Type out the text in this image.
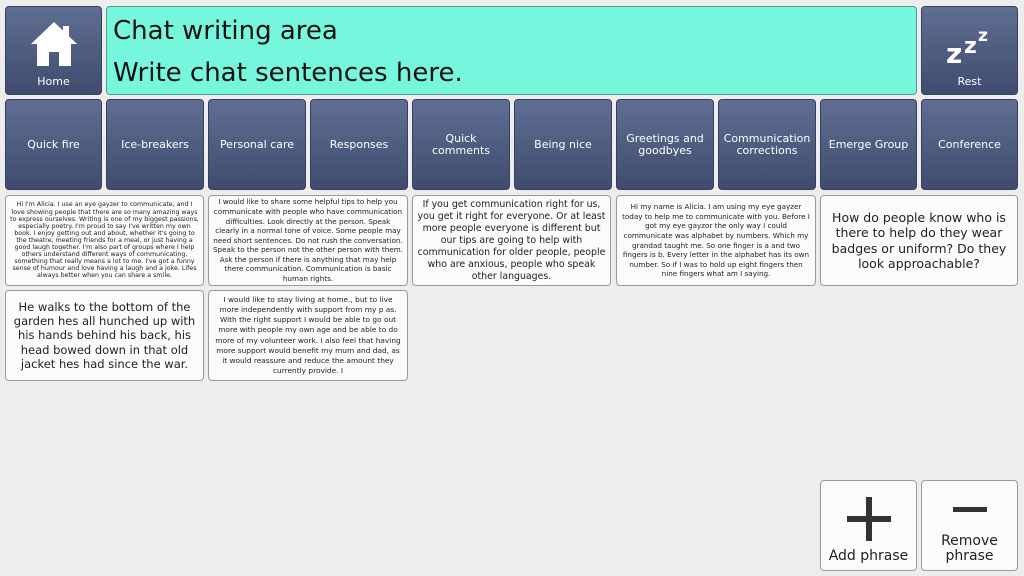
Home
Chat writing area
Write chat sentences here.
z z z
Rest
Quick fire	Ice-breakers	Personal care	Responses	Quick comments	Being nice	Greetings and goodbyes
Communication corrections	Emerge Group	Conference
Hi I'm Alicia. I use an eye gayzer to communicate, and I love showing people that there are so many amazing ways to express ourselves. Writing is one of my biggest passions, especially poetry. I'm proud to say I've written my own book. I enjoy getting out and about, whether it's going to the theatre, meeting friends for a meal, or just having a good laugh together. I'm also part of groups where I help others understand different ways of communicating, something that really means a lot to me. I've got a funny sense of humour and love having a laugh and a joke. Lifes always better when you can share a smile.
I would like to share some helpful tips to help you communicate with people who have communication difficulties. Look directly at the person. Speak clearly in a normal tone of voice. Some people may need short sentences. Do not rush the conversation. Speak to the person not the other person with them. Ask the person if there is anything that may help there communication. Communication is basic human rights.
If you get communication right for us, you get it right for everyone. Or at least more people everyone is different but our tips are going to help with communication for older people, people who are anxious, people who speak other languages.
Hi my name is Alicia. I am using my eye gayzer today to help me to communicate with you. Before I got my eye gayzor the only way I could communicate was alphabet by numbers. Which my grandad taught me. So one finger is a and two fingers is b. Every letter in the alphabet has its own number. So if I was to hold up eight fingers then nine fingers what am I saying.
How do people know who is there to help do they wear badges or uniform? Do they look approachable?
He walks to the bottom of the garden hes all hunched up with his hands behind his back, his head bowed down in that old jacket hes had since the war.
I would like to stay living at home., but to live more independently with support from my p as. With the right support I would be able to go out more with people my own age and be able to do more of my volunteer work. I also feel that having more support would benefit my mum and dad, as it would reassure and reduce the amount they currently provide. I
Add phrase
Remove phrase
